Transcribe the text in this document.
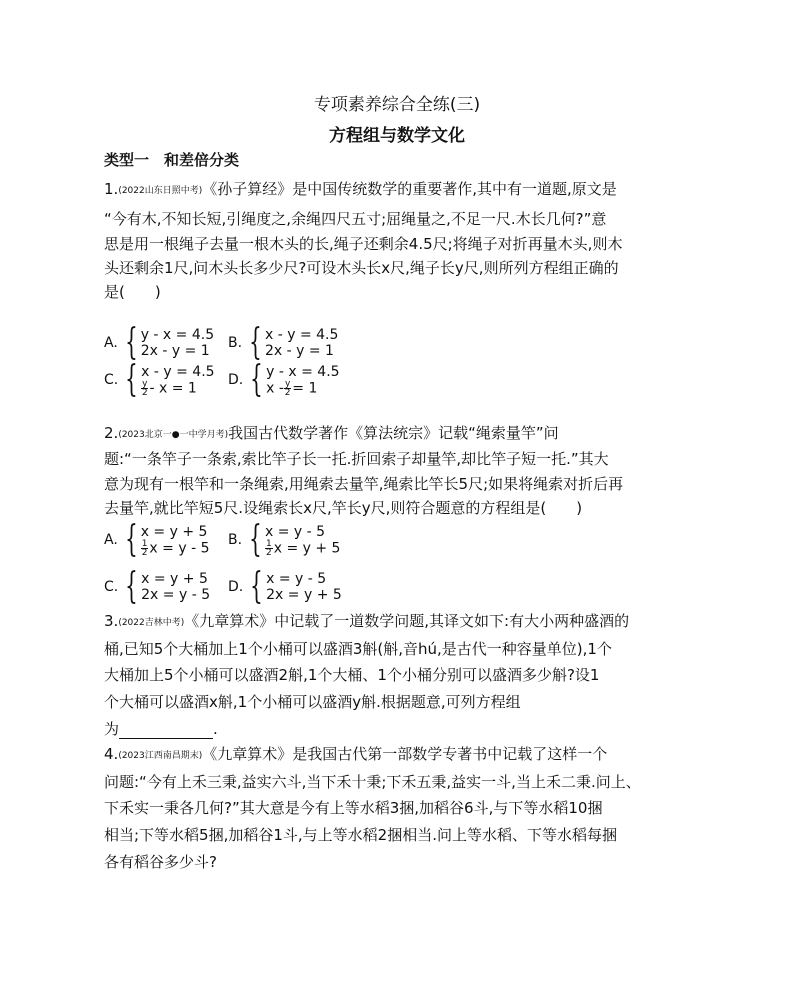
专项素养综合全练(三)
方程组与数学文化
类型一　和差倍分类
1.(2022山东日照中考)《孙子算经》是中国传统数学的重要著作,其中有一道题,原文是
“今有木,不知长短,引绳度之,余绳四尺五寸;屈绳量之,不足一尺.木长几何?”意
思是用一根绳子去量一根木头的长,绳子还剩余4.5尺;将绳子对折再量木头,则木
头还剩余1尺,问木头长多少尺?可设木头长x尺,绳子长y尺,则所列方程组正确的
是( )
A. { y - x = 4.5
2x - y = 1	B. { x - y = 4.5
2x - y = 1
C. { x - y = 4.5
$\frac{y}{2} - x = 1$	D. { y - x = 4.5
$x - \frac{y}{2} = 1$
2.(2023北京一●一中学月考)我国古代数学著作《算法统宗》记载“绳索量竿”问
题:“一条竿子一条索,索比竿子长一托.折回索子却量竿,却比竿子短一托.”其大
意为现有一根竿和一条绳索,用绳索去量竿,绳索比竿长5尺;如果将绳索对折后再
去量竿,就比竿短5尺.设绳索长x尺,竿长y尺,则符合题意的方程组是( )
A. { x = y + 5
$\frac{1}{2}$ x = y - 5 B. { x = y - 5
$\frac{1}{2}$ x = y + 5
C. { x = y + 5
2x = y - 5 D. { x = y - 5
2x = y + 5
3.(2022吉林中考)《九章算术》中记载了一道数学问题,其译文如下:有大小两种盛酒的
桶,已知5个大桶加上1个小桶可以盛酒3斛(斛,音hú,是古代一种容量单位),1个
大桶加上5个小桶可以盛酒2斛,1个大桶、1个小桶分别可以盛酒多少斛?设1
个大桶可以盛酒x斛,1个小桶可以盛酒y斛.根据题意,可列方程组
为	.
4.(2023江西南昌期末)《九章算术》是我国古代第一部数学专著书中记载了这样一个
问题:“今有上禾三秉,益实六斗,当下禾十秉;下禾五秉,益实一斗,当上禾二秉.问上、
下禾实一秉各几何?”其大意是今有上等水稻3捆,加稻谷6斗,与下等水稻10捆
相当;下等水稻5捆,加稻谷1斗,与上等水稻2捆相当.问上等水稻、下等水稻每捆
各有稻谷多少斗?
